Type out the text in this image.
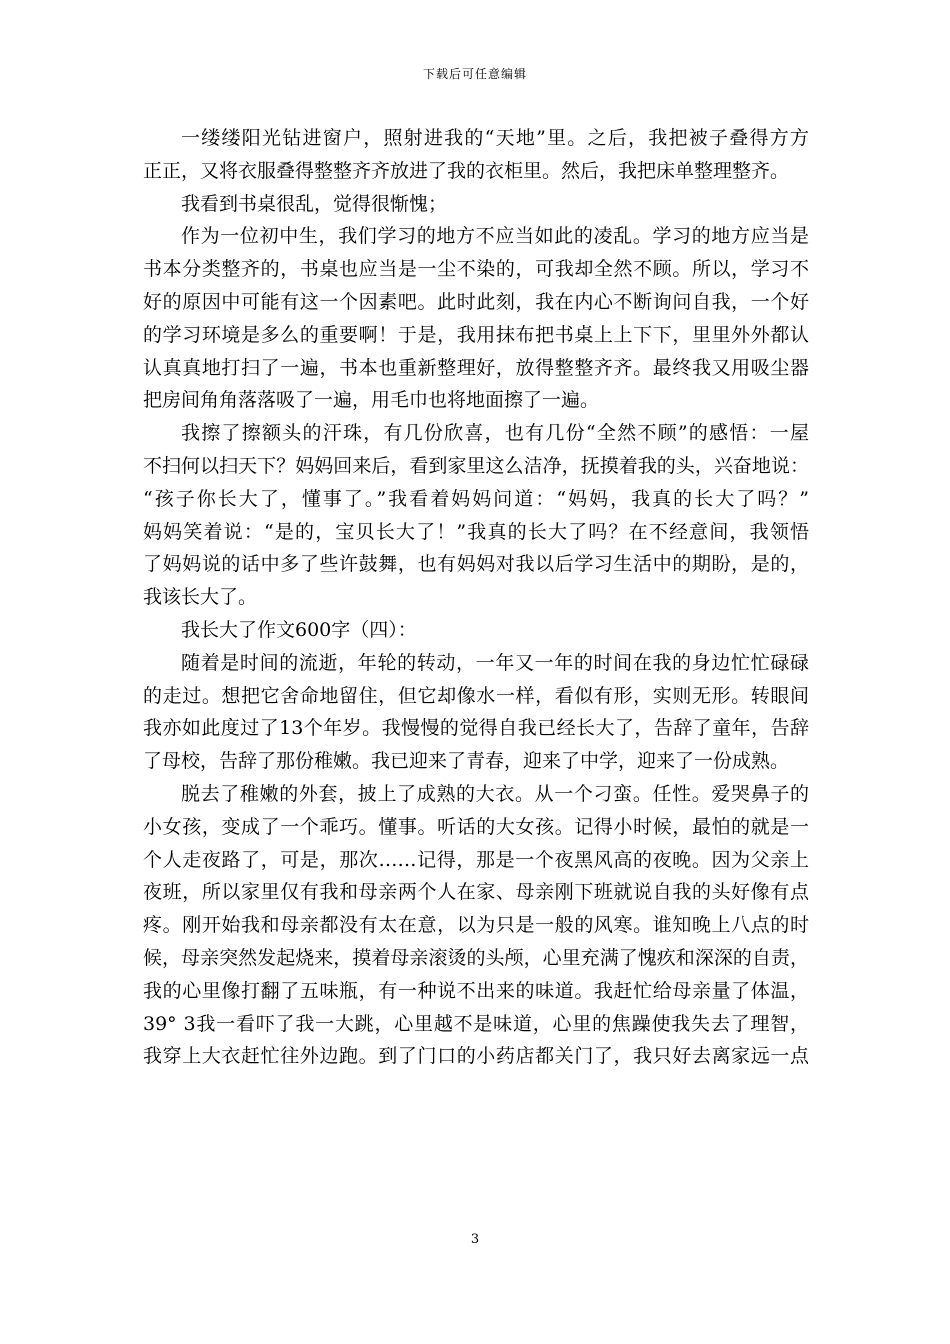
下载后可任意编辑
一缕缕阳光钻进窗户，照射进我的“天地”里。之后，我把被子叠得方方
正正，又将衣服叠得整整齐齐放进了我的衣柜里。然后，我把床单整理整齐。
我看到书桌很乱，觉得很惭愧；
作为一位初中生，我们学习的地方不应当如此的凌乱。学习的地方应当是
书本分类整齐的，书桌也应当是一尘不染的，可我却全然不顾。所以，学习不
好的原因中可能有这一个因素吧。此时此刻，我在内心不断询问自我，一个好
的学习环境是多么的重要啊！于是，我用抹布把书桌上上下下，里里外外都认
认真真地打扫了一遍，书本也重新整理好，放得整整齐齐。最终我又用吸尘器
把房间角角落落吸了一遍，用毛巾也将地面擦了一遍。
我擦了擦额头的汗珠，有几份欣喜，也有几份“全然不顾”的感悟：一屋
不扫何以扫天下？妈妈回来后，看到家里这么洁净，抚摸着我的头，兴奋地说：
“孩子你长大了，懂事了。”我看着妈妈问道：“妈妈，我真的长大了吗？”
妈妈笑着说：“是的，宝贝长大了！”我真的长大了吗？在不经意间，我领悟
了妈妈说的话中多了些许鼓舞，也有妈妈对我以后学习生活中的期盼，是的，
我该长大了。
我长大了作文600字（四）：
随着是时间的流逝，年轮的转动，一年又一年的时间在我的身边忙忙碌碌
的走过。想把它舍命地留住，但它却像水一样，看似有形，实则无形。转眼间
我亦如此度过了13个年岁。我慢慢的觉得自我已经长大了，告辞了童年，告辞
了母校，告辞了那份稚嫩。我已迎来了青春，迎来了中学，迎来了一份成熟。
脱去了稚嫩的外套，披上了成熟的大衣。从一个刁蛮。任性。爱哭鼻子的
小女孩，变成了一个乖巧。懂事。听话的大女孩。记得小时候，最怕的就是一
个人走夜路了，可是，那次……记得，那是一个夜黑风高的夜晚。因为父亲上
夜班，所以家里仅有我和母亲两个人在家、母亲刚下班就说自我的头好像有点
疼。刚开始我和母亲都没有太在意，以为只是一般的风寒。谁知晚上八点的时
候，母亲突然发起烧来，摸着母亲滚烫的头颅，心里充满了愧疚和深深的自责，
我的心里像打翻了五味瓶，有一种说不出来的味道。我赶忙给母亲量了体温，
39° 3我一看吓了我一大跳，心里越不是味道，心里的焦躁使我失去了理智，
我穿上大衣赶忙往外边跑。到了门口的小药店都关门了，我只好去离家远一点
3
